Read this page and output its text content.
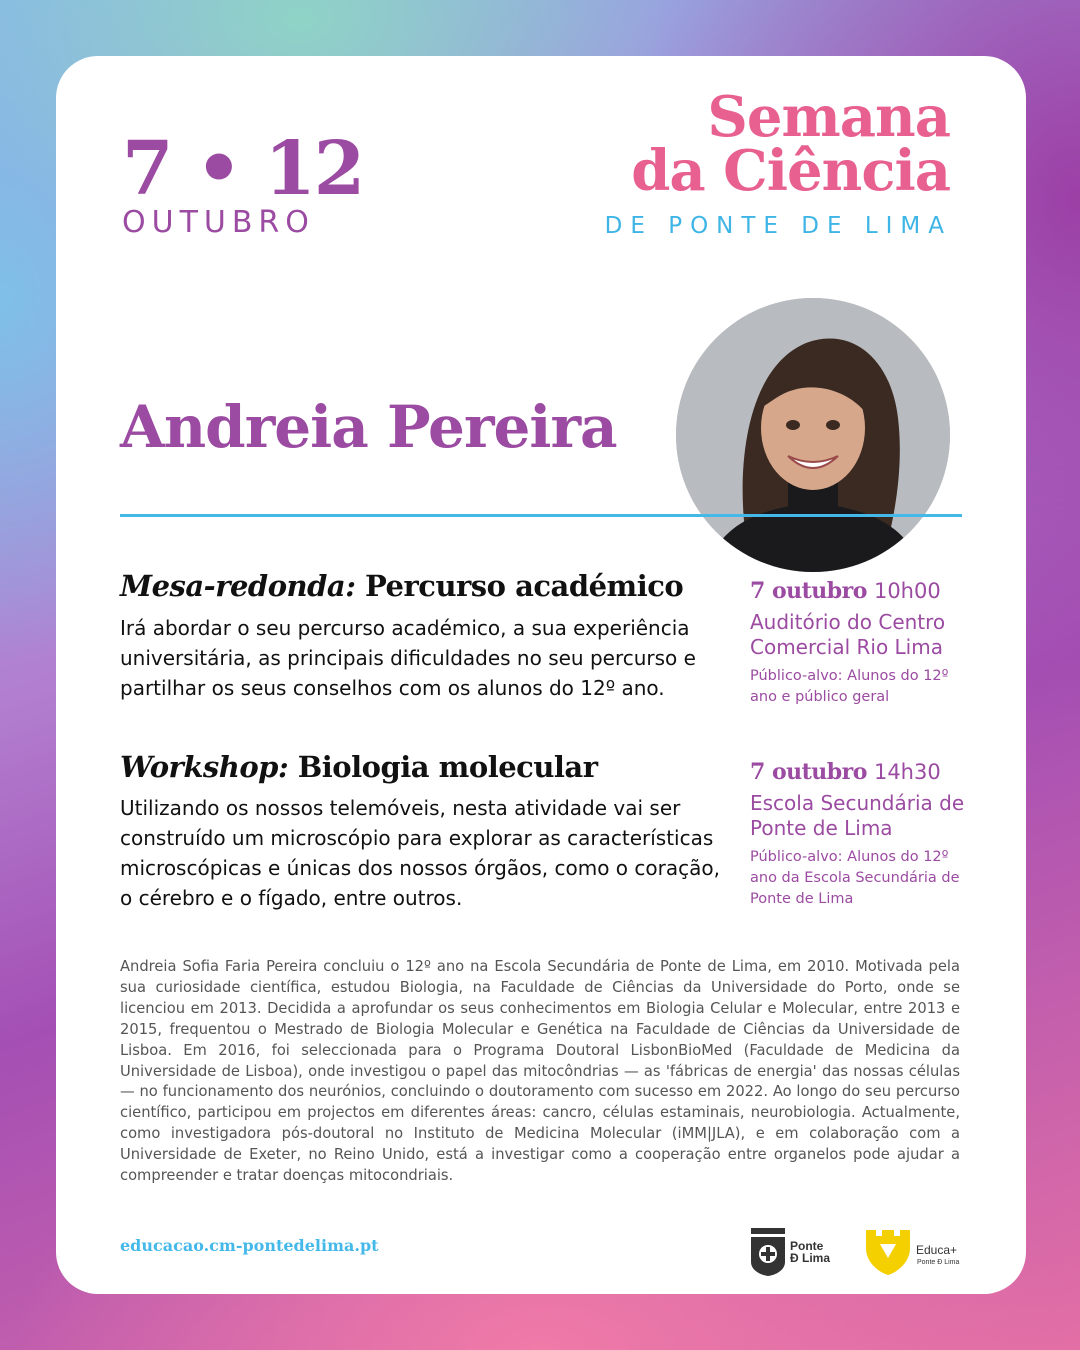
7 • 12
OUTUBRO
Semana
da Ciência
DE PONTE DE LIMA
Andreia Pereira
Mesa-redonda: Percurso académico
Irá abordar o seu percurso académico, a sua experiência universitária, as principais dificuldades no seu percurso e partilhar os seus conselhos com os alunos do 12º ano.
7 outubro 10h00
Auditório do Centro Comercial Rio Lima
Público-alvo: Alunos do 12º ano e público geral
Workshop: Biologia molecular
Utilizando os nossos telemóveis, nesta atividade vai ser construído um microscópio para explorar as características microscópicas e únicas dos nossos órgãos, como o coração, o cérebro e o fígado, entre outros.
7 outubro 14h30
Escola Secundária de Ponte de Lima
Público-alvo: Alunos do 12º ano da Escola Secundária de Ponte de Lima
Andreia Sofia Faria Pereira concluiu o 12º ano na Escola Secundária de Ponte de Lima, em 2010. Motivada pela sua curiosidade científica, estudou Biologia, na Faculdade de Ciências da Universidade do Porto, onde se licenciou em 2013. Decidida a aprofundar os seus conhecimentos em Biologia Celular e Molecular, entre 2013 e 2015, frequentou o Mestrado de Biologia Molecular e Genética na Faculdade de Ciências da Universidade de Lisboa. Em 2016, foi seleccionada para o Programa Doutoral LisbonBioMed (Faculdade de Medicina da Universidade de Lisboa), onde investigou o papel das mitocôndrias — as 'fábricas de energia' das nossas células — no funcionamento dos neurónios, concluindo o doutoramento com sucesso em 2022. Ao longo do seu percurso científico, participou em projectos em diferentes áreas: cancro, células estaminais, neurobiologia. Actualmente, como investigadora pós-doutoral no Instituto de Medicina Molecular (iMM|JLA), e em colaboração com a Universidade de Exeter, no Reino Unido, está a investigar como a cooperação entre organelos pode ajudar a compreender e tratar doenças mitocondriais.
educacao.cm-pontedelima.pt	Ponte
Ð Lima
Educa+
Ponte Ð Lima
